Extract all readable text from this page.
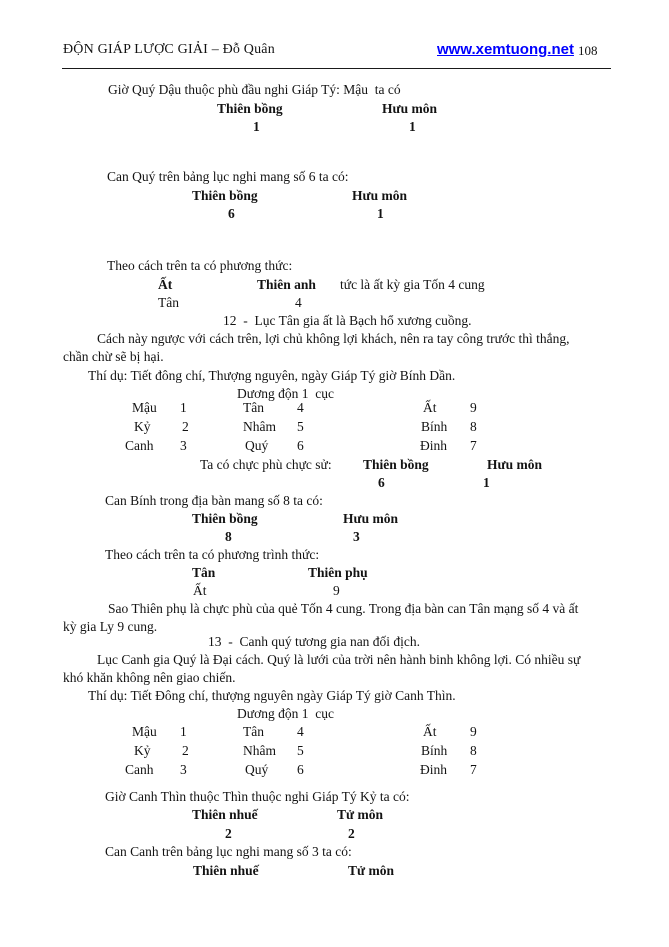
ĐỘN GIÁP LƯỢC GIẢI – Đỗ Quân	www.xemtuong.net 108
Giờ Quý Dậu thuộc phù đầu nghi Giáp Tý: Mậu  ta có
Thiên bồng	Hưu môn
1	1
Can Quý trên bảng lục nghi mang số 6 ta có:
Thiên bồng	Hưu môn
6	1
Theo cách trên ta có phương thức:
Ất	Thiên anh tức là ất kỳ gia Tốn 4 cung
Tân	4
12  -  Lục Tân gia ất là Bạch hổ xương cuồng.
Cách này ngược với cách trên, lợi chủ không lợi khách, nên ra tay công trước thì thắng,
chần chừ sẽ bị hại.
Thí dụ: Tiết đông chí, Thượng nguyên, ngày Giáp Tý giờ Bính Dần.
Dương độn 1  cục
Mậu 1	Tân 4	Ất 9
Kỷ 2	Nhâm 5	Bính 8
Canh 3	Quý 6	Đinh 7
Ta có chực phù chực sử: Thiên bồng	Hưu môn
6	1
Can Bính trong địa bàn mang số 8 ta có:
Thiên bồng	Hưu môn
8	3
Theo cách trên ta có phương trình thức:
Tân	Thiên phụ
Ất	9
Sao Thiên phụ là chực phù của quẻ Tốn 4 cung. Trong địa bàn can Tân mạng số 4 và ất
kỳ gia Ly 9 cung.
13  -  Canh quý tương gia nan đối địch.
Lục Canh gia Quý là Đại cách. Quý là lưới của trời nên hành binh không lợi. Có nhiều sự
khó khăn không nên giao chiến.
Thí dụ: Tiết Đông chí, thượng nguyên ngày Giáp Tý giờ Canh Thìn.
Dương độn 1  cục
Mậu 1	Tân 4	Ất 9
Kỷ 2	Nhâm 5	Bính 8
Canh 3	Quý 6	Đinh 7
Giờ Canh Thìn thuộc Thìn thuộc nghi Giáp Tý Kỷ ta có:
Thiên nhuế	Tử môn
2	2
Can Canh trên bảng lục nghi mang số 3 ta có:
Thiên nhuế	Tử môn
